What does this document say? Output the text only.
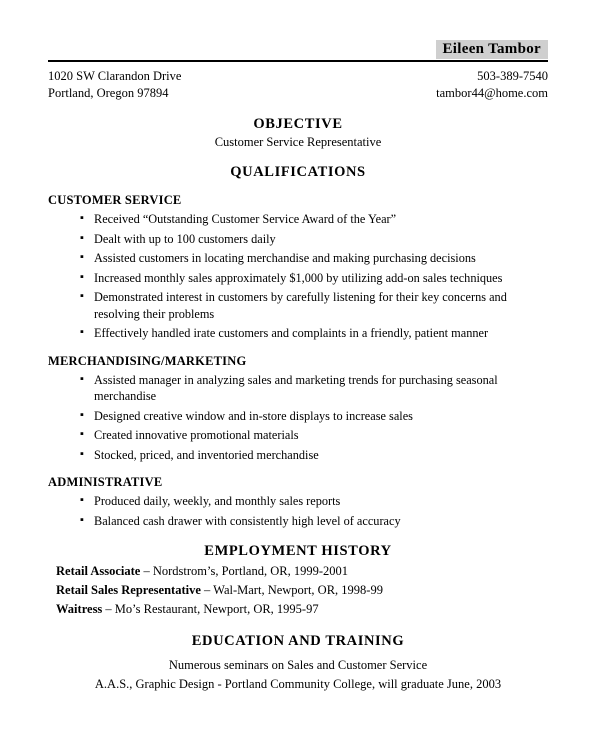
Eileen Tambor
1020 SW Clarandon Drive
Portland, Oregon 97894
503-389-7540
tambor44@home.com
OBJECTIVE
Customer Service Representative
QUALIFICATIONS
CUSTOMER SERVICE
▪ Received “Outstanding Customer Service Award of the Year”
▪ Dealt with up to 100 customers daily
▪ Assisted customers in locating merchandise and making purchasing decisions
▪ Increased monthly sales approximately $1,000 by utilizing add-on sales techniques
▪ Demonstrated interest in customers by carefully listening for their key concerns and resolving their problems
▪ Effectively handled irate customers and complaints in a friendly, patient manner
MERCHANDISING/MARKETING
▪ Assisted manager in analyzing sales and marketing trends for purchasing seasonal merchandise
▪ Designed creative window and in-store displays to increase sales
▪ Created innovative promotional materials
▪ Stocked, priced, and inventoried merchandise
ADMINISTRATIVE
▪ Produced daily, weekly, and monthly sales reports
▪ Balanced cash drawer with consistently high level of accuracy
EMPLOYMENT HISTORY
Retail Associate – Nordstrom’s, Portland, OR, 1999-2001
Retail Sales Representative – Wal-Mart, Newport, OR, 1998-99
Waitress – Mo’s Restaurant, Newport, OR, 1995-97
EDUCATION AND TRAINING
Numerous seminars on Sales and Customer Service
A.A.S., Graphic Design - Portland Community College, will graduate June, 2003
